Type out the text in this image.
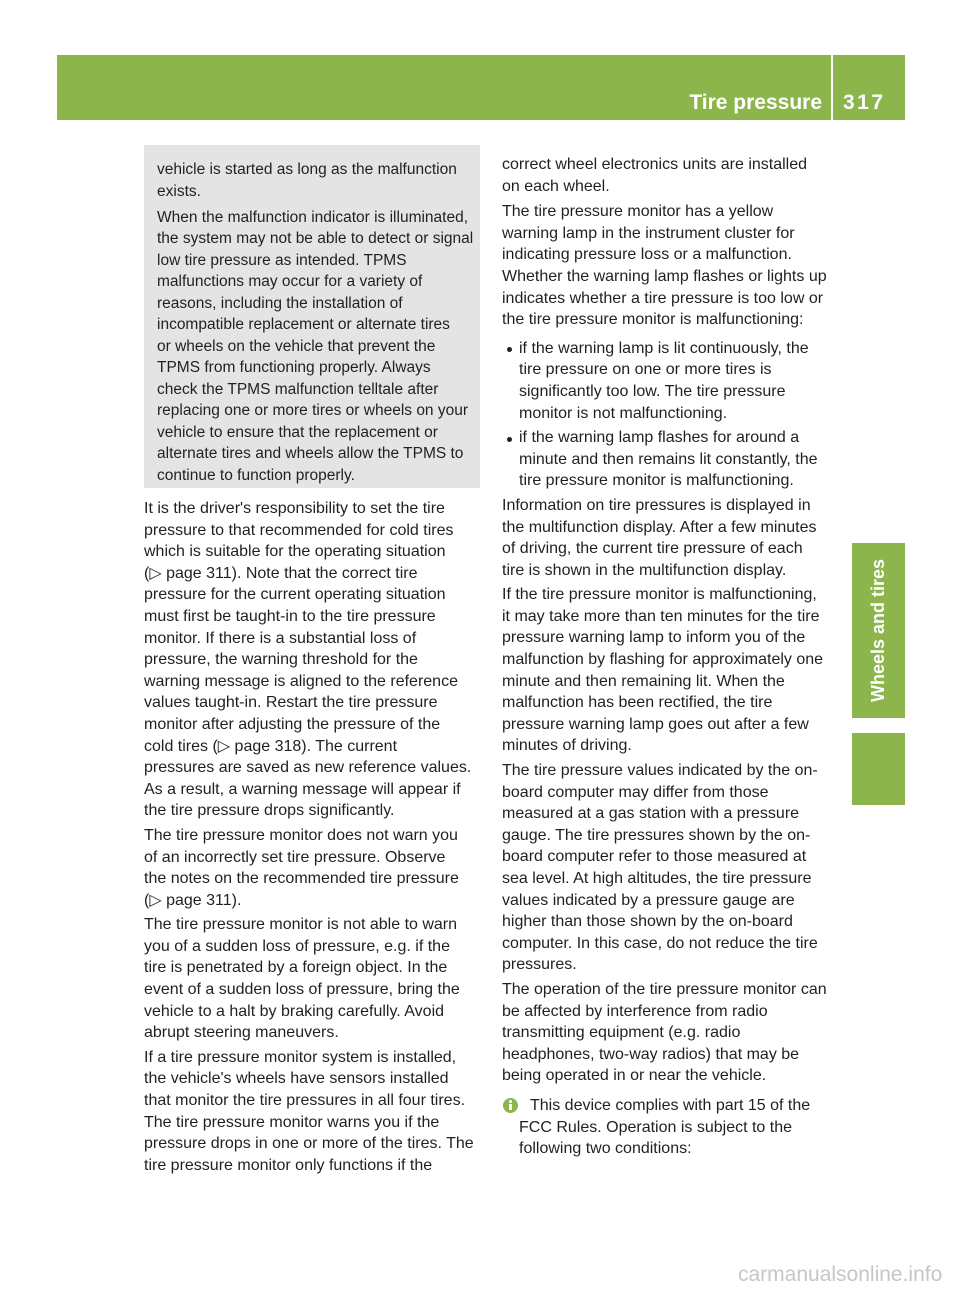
Tire pressure 317
Wheels and tires
vehicle is started as long as the malfunction
exists.
When the malfunction indicator is illuminated,
the system may not be able to detect or signal
low tire pressure as intended. TPMS
malfunctions may occur for a variety of
reasons, including the installation of
incompatible replacement or alternate tires
or wheels on the vehicle that prevent the
TPMS from functioning properly. Always
check the TPMS malfunction telltale after
replacing one or more tires or wheels on your
vehicle to ensure that the replacement or
alternate tires and wheels allow the TPMS to
continue to function properly.
It is the driver's responsibility to set the tire
pressure to that recommended for cold tires
which is suitable for the operating situation
(▷ page 311). Note that the correct tire
pressure for the current operating situation
must first be taught-in to the tire pressure
monitor. If there is a substantial loss of
pressure, the warning threshold for the
warning message is aligned to the reference
values taught-in. Restart the tire pressure
monitor after adjusting the pressure of the
cold tires (▷ page 318). The current
pressures are saved as new reference values.
As a result, a warning message will appear if
the tire pressure drops significantly.
The tire pressure monitor does not warn you
of an incorrectly set tire pressure. Observe
the notes on the recommended tire pressure
(▷ page 311).
The tire pressure monitor is not able to warn
you of a sudden loss of pressure, e.g. if the
tire is penetrated by a foreign object. In the
event of a sudden loss of pressure, bring the
vehicle to a halt by braking carefully. Avoid
abrupt steering maneuvers.
If a tire pressure monitor system is installed,
the vehicle's wheels have sensors installed
that monitor the tire pressures in all four tires.
The tire pressure monitor warns you if the
pressure drops in one or more of the tires. The
tire pressure monitor only functions if the
correct wheel electronics units are installed
on each wheel.
The tire pressure monitor has a yellow
warning lamp in the instrument cluster for
indicating pressure loss or a malfunction.
Whether the warning lamp flashes or lights up
indicates whether a tire pressure is too low or
the tire pressure monitor is malfunctioning:
if the warning lamp is lit continuously, the
tire pressure on one or more tires is
significantly too low. The tire pressure
monitor is not malfunctioning.
if the warning lamp flashes for around a
minute and then remains lit constantly, the
tire pressure monitor is malfunctioning.
Information on tire pressures is displayed in
the multifunction display. After a few minutes
of driving, the current tire pressure of each
tire is shown in the multifunction display.
If the tire pressure monitor is malfunctioning,
it may take more than ten minutes for the tire
pressure warning lamp to inform you of the
malfunction by flashing for approximately one
minute and then remaining lit. When the
malfunction has been rectified, the tire
pressure warning lamp goes out after a few
minutes of driving.
The tire pressure values indicated by the on-
board computer may differ from those
measured at a gas station with a pressure
gauge. The tire pressures shown by the on-
board computer refer to those measured at
sea level. At high altitudes, the tire pressure
values indicated by a pressure gauge are
higher than those shown by the on-board
computer. In this case, do not reduce the tire
pressures.
The operation of the tire pressure monitor can
be affected by interference from radio
transmitting equipment (e.g. radio
headphones, two-way radios) that may be
being operated in or near the vehicle.
This device complies with part 15 of the
FCC Rules. Operation is subject to the
following two conditions:
carmanualsonline.info
